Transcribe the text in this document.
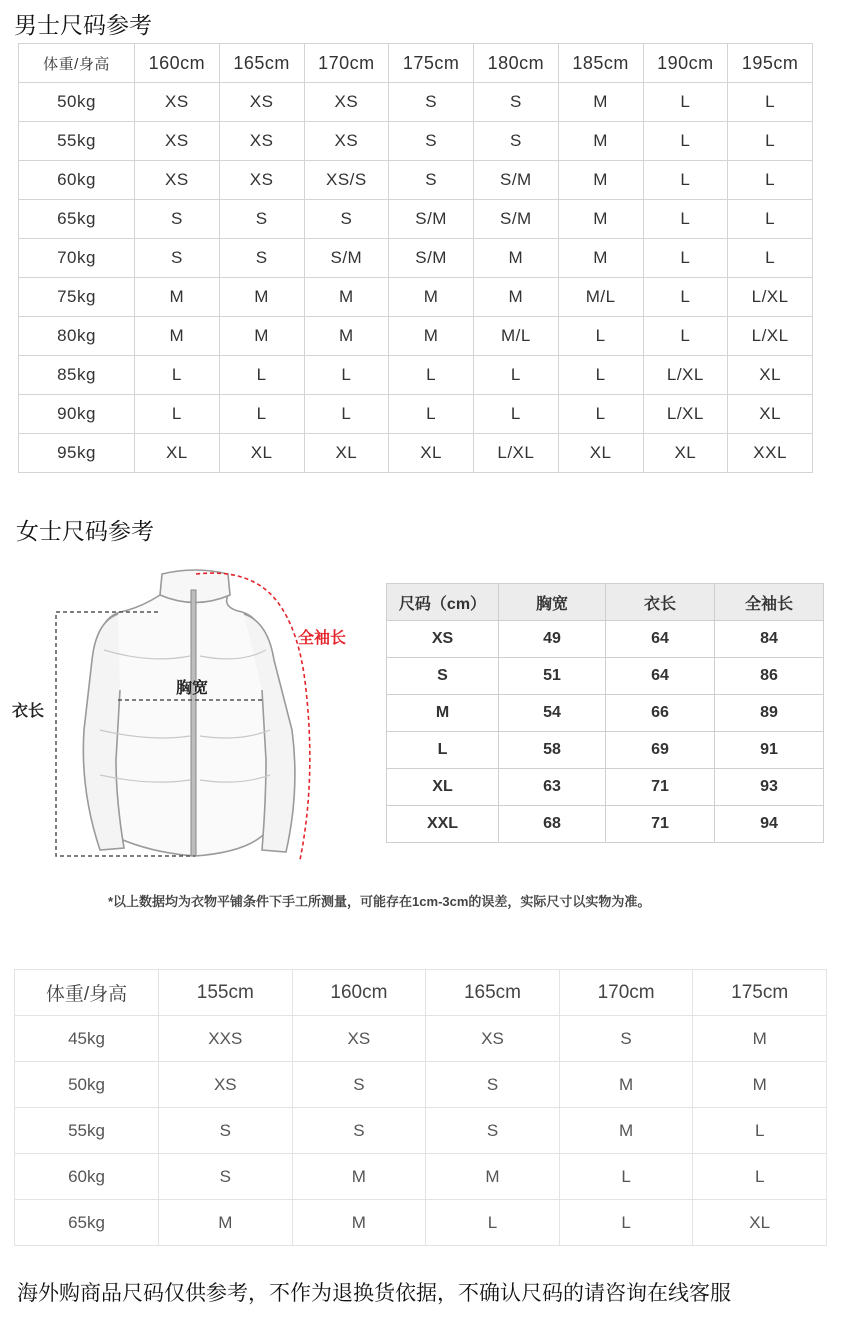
男士尺码参考
体重/身高	160cm	165cm	170cm	175cm	180cm	185cm	190cm	195cm
50kg	XS	XS	XS	S	S	M	L	L
55kg	XS	XS	XS	S	S	M	L	L
60kg	XS	XS	XS/S	S	S/M	M	L	L
65kg	S	S	S	S/M	S/M	M	L	L
70kg	S	S	S/M	S/M	M	M	L	L
75kg	M	M	M	M	M	M/L	L	L/XL
80kg	M	M	M	M	M/L	L	L	L/XL
85kg	L	L	L	L	L	L	L/XL	XL
90kg	L	L	L	L	L	L	L/XL	XL
95kg	XL	XL	XL	XL	L/XL	XL	XL	XXL
女士尺码参考
衣长
胸宽
全袖长
尺码（cm）	胸宽	衣长	全袖长
XS	49	64	84
S	51	64	86
M	54	66	89
L	58	69	91
XL	63	71	93
XXL	68	71	94
*以上数据均为衣物平铺条件下手工所测量，可能存在1cm-3cm的误差，实际尺寸以实物为准。
体重/身高	155cm	160cm	165cm	170cm	175cm
45kg	XXS	XS	XS	S	M
50kg	XS	S	S	M	M
55kg	S	S	S	M	L
60kg	S	M	M	L	L
65kg	M	M	L	L	XL
海外购商品尺码仅供参考，不作为退换货依据，不确认尺码的请咨询在线客服
